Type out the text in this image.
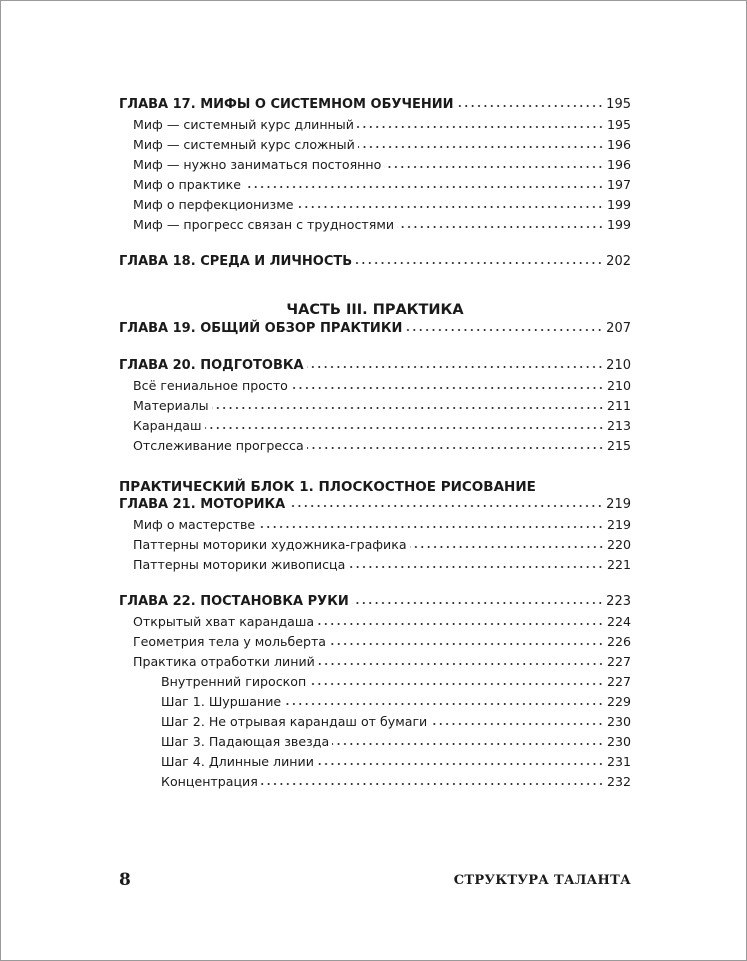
ГЛАВА 17. МИФЫ О СИСТЕМНОМ ОБУЧЕНИИ	195
Миф — системный курс длинный	195
Миф — системный курс сложный	196
Миф — нужно заниматься постоянно	196
Миф о практике	197
Миф о перфекционизме	199
Миф — прогресс связан с трудностями	199
ГЛАВА 18. СРЕДА И ЛИЧНОСТЬ	202
ЧАСТЬ III. ПРАКТИКА
ГЛАВА 19. ОБЩИЙ ОБЗОР ПРАКТИКИ	207
ГЛАВА 20. ПОДГОТОВКА	210
Всё гениальное просто	210
Материалы	211
Карандаш	213
Отслеживание прогресса	215
ПРАКТИЧЕСКИЙ БЛОК 1. ПЛОСКОСТНОЕ РИСОВАНИЕ
ГЛАВА 21. МОТОРИКА	219
Миф о мастерстве	219
Паттерны моторики художника-графика	220
Паттерны моторики живописца	221
ГЛАВА 22. ПОСТАНОВКА РУКИ	223
Открытый хват карандаша	224
Геометрия тела у мольберта	226
Практика отработки линий	227
Внутренний гироскоп	227
Шаг 1. Шуршание	229
Шаг 2. Не отрывая карандаш от бумаги	230
Шаг 3. Падающая звезда	230
Шаг 4. Длинные линии	231
Концентрация	232
8	СТРУКТУРА ТАЛАНТА
